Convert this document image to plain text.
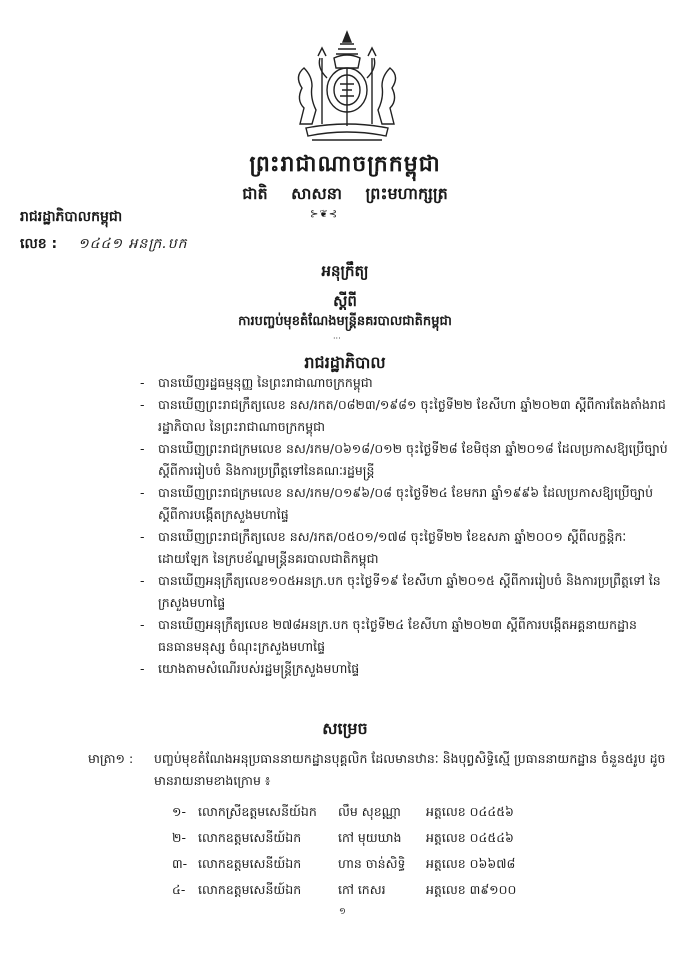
ព្រះរាជាណាចក្រកម្ពុជា
ជាតិ សាសនា ព្រះមហាក្សត្រ
⊱❦⊰
រាជរដ្ឋាភិបាលកម្ពុជា
លេខ : ១៤៤១ អនក្រ.បក
អនុក្រឹត្យ
ស្តីពី
ការបញ្ចប់មុខតំណែងមន្ត្រីនគរបាលជាតិកម្ពុជា
···
រាជរដ្ឋាភិបាល
- បានឃើញរដ្ឋធម្មនុញ្ញ នៃព្រះរាជាណាចក្រកម្ពុជា
- បានឃើញព្រះរាជក្រឹត្យលេខ នស/រកត/០៨២៣/១៩៨១ ចុះថ្ងៃទី២២ ខែសីហា ឆ្នាំ២០២៣ ស្តីពីការតែងតាំងរាជរដ្ឋាភិបាល នៃព្រះរាជាណាចក្រកម្ពុជា
- បានឃើញព្រះរាជក្រមលេខ នស/រកម/០៦១៨/០១២ ចុះថ្ងៃទី២៨ ខែមិថុនា ឆ្នាំ២០១៨ ដែលប្រកាសឱ្យប្រើច្បាប់ស្តីពីការរៀបចំ និងការប្រព្រឹត្តទៅនៃគណៈរដ្ឋមន្ត្រី
- បានឃើញព្រះរាជក្រមលេខ នស/រកម/០១៩៦/០៨ ចុះថ្ងៃទី២៤ ខែមករា ឆ្នាំ១៩៩៦ ដែលប្រកាសឱ្យប្រើច្បាប់ស្តីពីការបង្កើតក្រសួងមហាផ្ទៃ
- បានឃើញព្រះរាជក្រឹត្យលេខ នស/រកត/០៥០១/១៧៨ ចុះថ្ងៃទី២២ ខែឧសភា ឆ្នាំ២០០១ ស្តីពីលក្ខន្តិកៈដោយឡែក នៃក្របខ័ណ្ឌមន្ត្រីនគរបាលជាតិកម្ពុជា
- បានឃើញអនុក្រឹត្យលេខ១០៥អនក្រ.បក ចុះថ្ងៃទី១៩ ខែសីហា ឆ្នាំ២០១៥ ស្តីពីការរៀបចំ និងការប្រព្រឹត្តទៅ នៃក្រសួងមហាផ្ទៃ
- បានឃើញអនុក្រឹត្យលេខ ២៧៨អនក្រ.បក ចុះថ្ងៃទី២៤ ខែសីហា ឆ្នាំ២០២៣ ស្តីពីការបង្កើតអគ្គនាយកដ្ឋានធនធានមនុស្ស ចំណុះក្រសួងមហាផ្ទៃ
- យោងតាមសំណើរបស់រដ្ឋមន្ត្រីក្រសួងមហាផ្ទៃ
សម្រេច
មាត្រា១ : បញ្ចប់មុខតំណែងអនុប្រធាននាយកដ្ឋានបុគ្គលិក ដែលមានឋានៈ និងបុព្វសិទ្ធិស្មើ ប្រធាននាយកដ្ឋាន ចំនួន៥រូប ដូចមានរាយនាមខាងក្រោម ៖
១- លោកស្រីឧត្តមសេនីយ៍ឯក	លឹម សុខណ្ណា	អត្តលេខ ០៤៤៥៦
២- លោកឧត្តមសេនីយ៍ឯក	កៅ មុយឃាង	អត្តលេខ ០៤៥៤៦
៣- លោកឧត្តមសេនីយ៍ឯក	ហាន ចាន់សិទ្ធិ	អត្តលេខ ០៦៦៧៨
៤-	លោកឧត្តមសេនីយ៍ឯក	កៅ កេសរ	អត្តលេខ ៣៩១០០
១
